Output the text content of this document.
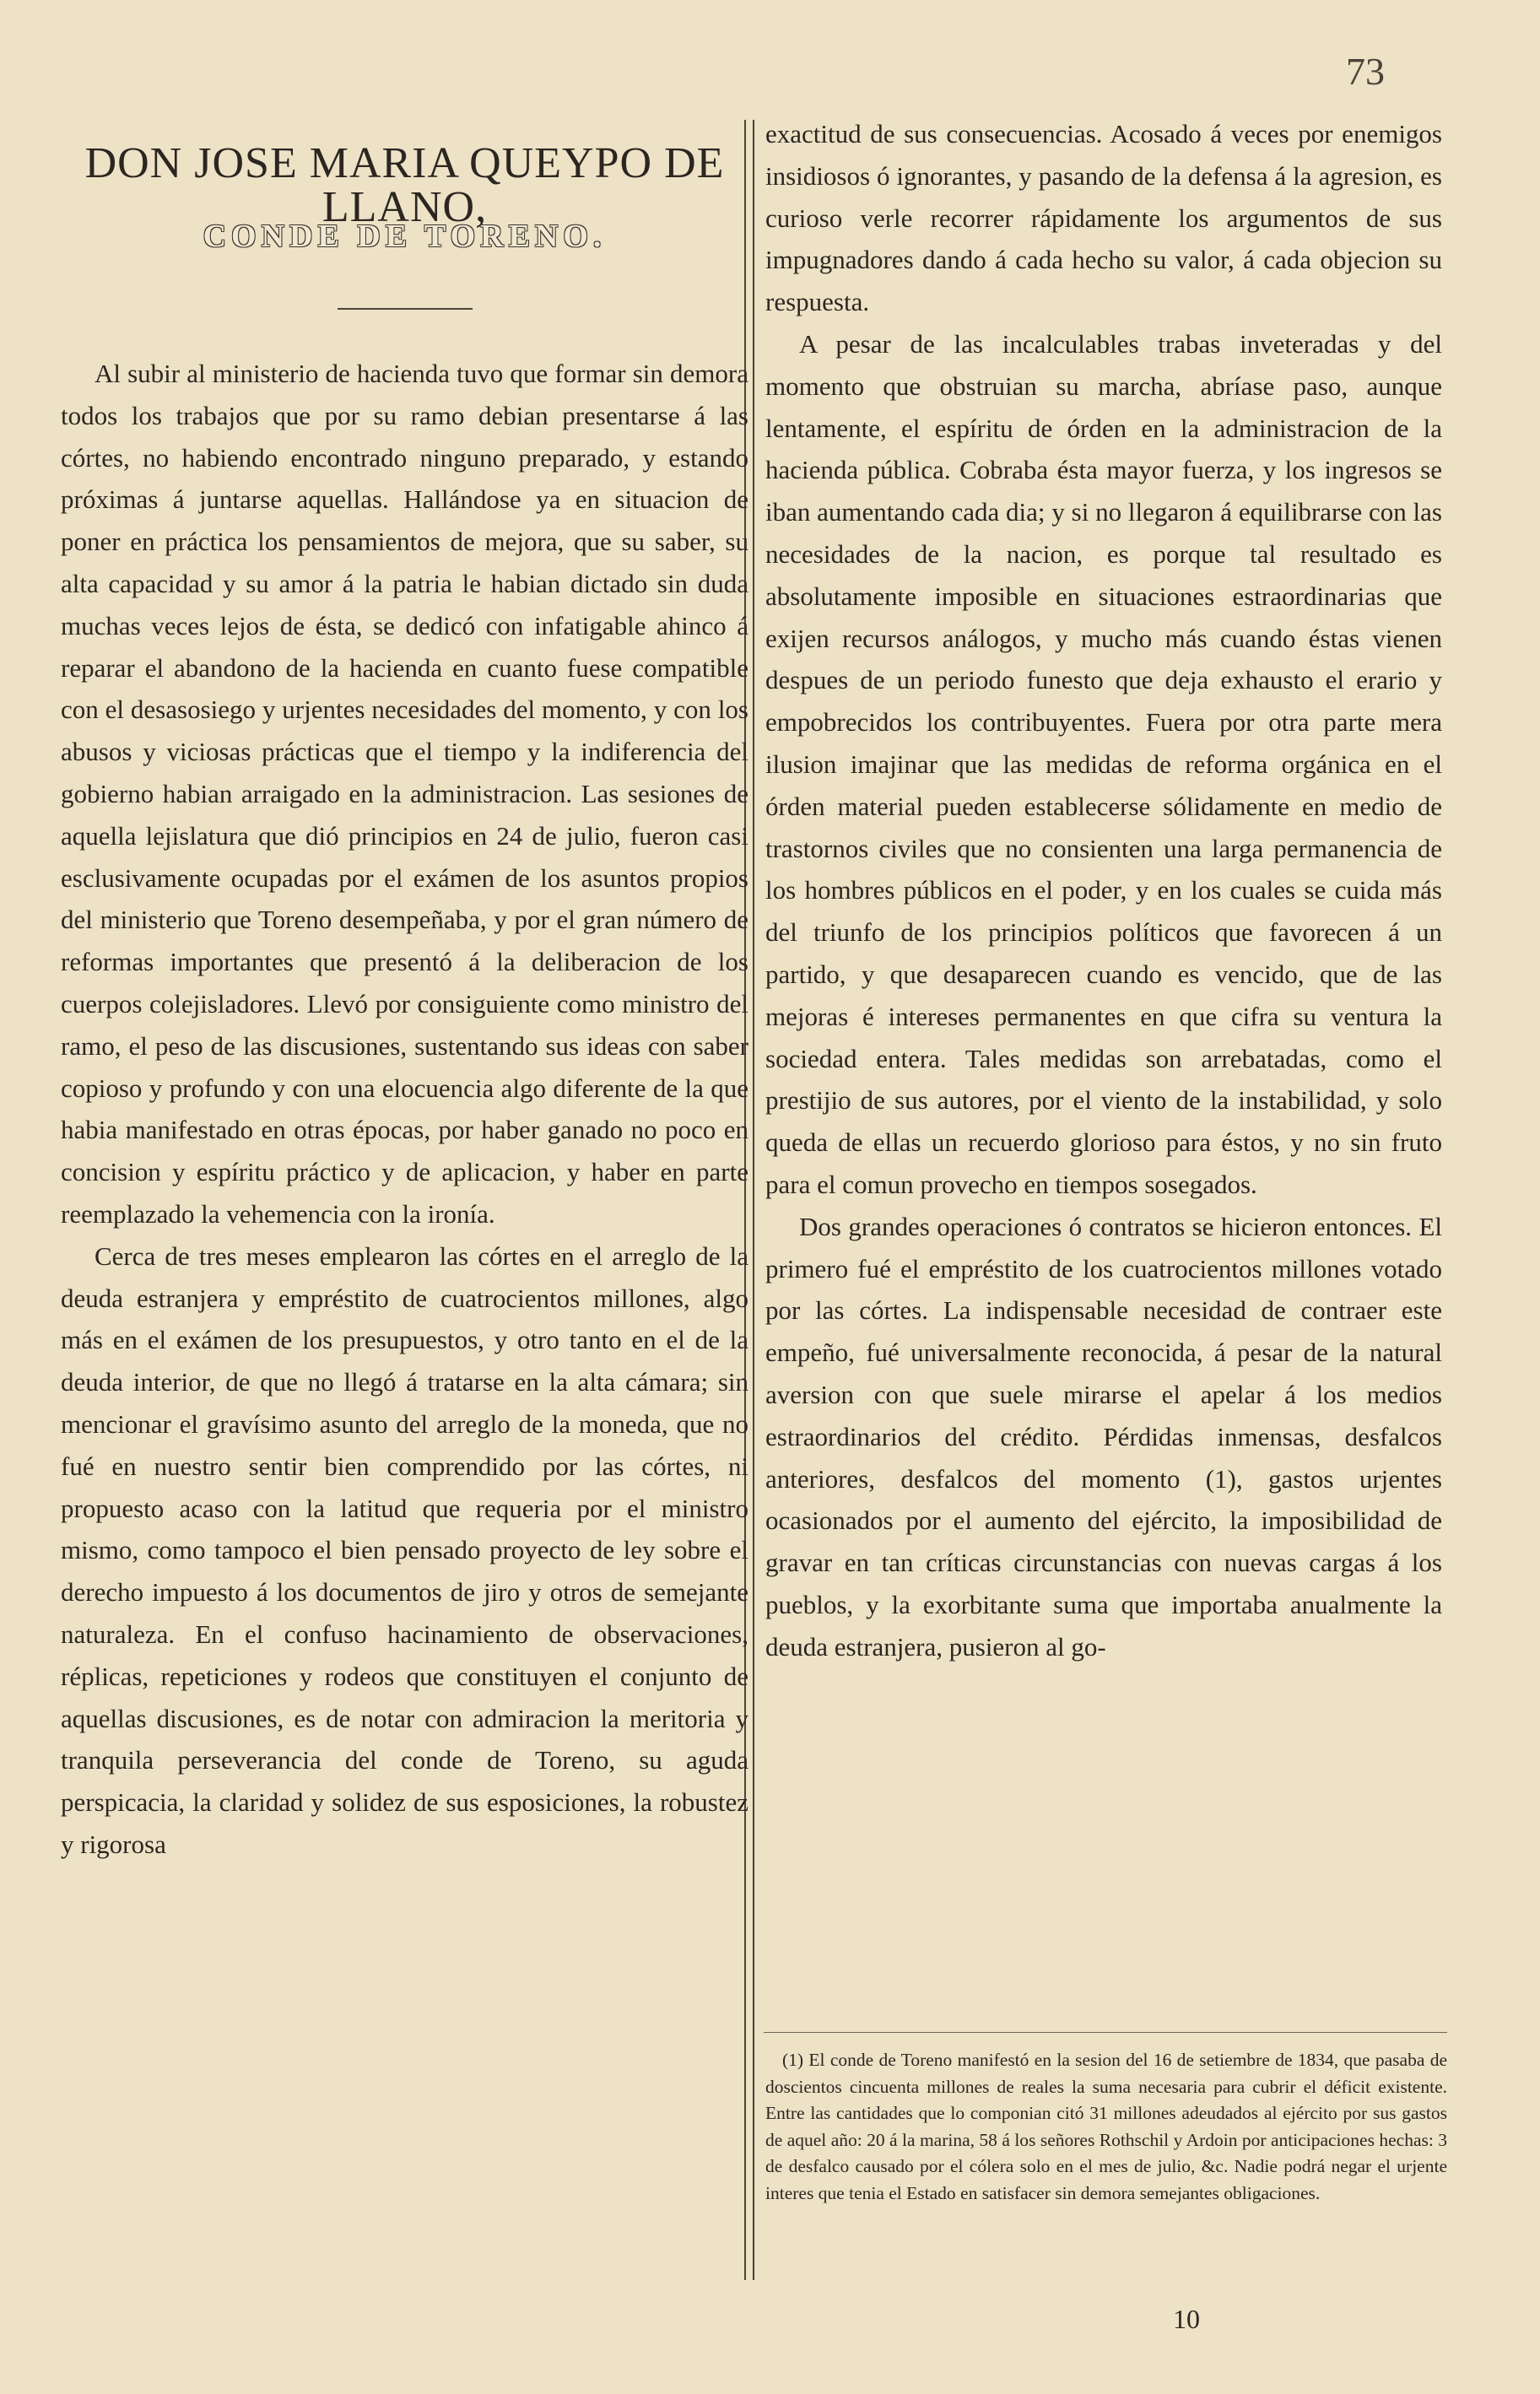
73
DON JOSE MARIA QUEYPO DE LLANO,
CONDE DE TORENO.

Al subir al ministerio de hacienda tuvo que formar sin demora todos los trabajos que por su ramo debian presentarse á las córtes, no habiendo encontrado ninguno preparado, y estando próximas á juntarse aquellas. Hallándose ya en situacion de poner en práctica los pensamientos de mejora, que su saber, su alta capacidad y su amor á la patria le habian dictado sin duda muchas veces lejos de ésta, se dedicó con infatigable ahinco á reparar el abandono de la hacienda en cuanto fuese compatible con el desasosiego y urjentes necesidades del momento, y con los abusos y viciosas prácticas que el tiempo y la indiferencia del gobierno habian arraigado en la administracion. Las sesiones de aquella lejislatura que dió principios en 24 de julio, fueron casi esclusivamente ocupadas por el exámen de los asuntos propios del ministerio que Toreno desempeñaba, y por el gran número de reformas importantes que presentó á la deliberacion de los cuerpos colejisladores. Llevó por consiguiente como ministro del ramo, el peso de las discusiones, sustentando sus ideas con saber copioso y profundo y con una elocuencia algo diferente de la que habia manifestado en otras épocas, por haber ganado no poco en concision y espíritu práctico y de aplicacion, y haber en parte reemplazado la vehemencia con la ironía.

Cerca de tres meses emplearon las córtes en el arreglo de la deuda estranjera y empréstito de cuatrocientos millones, algo más en el exámen de los presupuestos, y otro tanto en el de la deuda interior, de que no llegó á tratarse en la alta cámara; sin mencionar el gravísimo asunto del arreglo de la moneda, que no fué en nuestro sentir bien comprendido por las córtes, ni propuesto acaso con la latitud que requeria por el ministro mismo, como tampoco el bien pensado proyecto de ley sobre el derecho impuesto á los documentos de jiro y otros de semejante naturaleza. En el confuso hacinamiento de observaciones, réplicas, repeticiones y rodeos que constituyen el conjunto de aquellas discusiones, es de notar con admiracion la meritoria y tranquila perseverancia del conde de Toreno, su aguda perspicacia, la claridad y solidez de sus esposiciones, la robustez y rigorosa

exactitud de sus consecuencias. Acosado á veces por enemigos insidiosos ó ignorantes, y pasando de la defensa á la agresion, es curioso verle recorrer rápidamente los argumentos de sus impugnadores dando á cada hecho su valor, á cada objecion su respuesta.

A pesar de las incalculables trabas inveteradas y del momento que obstruian su marcha, abríase paso, aunque lentamente, el espíritu de órden en la administracion de la hacienda pública. Cobraba ésta mayor fuerza, y los ingresos se iban aumentando cada dia; y si no llegaron á equilibrarse con las necesidades de la nacion, es porque tal resultado es absolutamente imposible en situaciones estraordinarias que exijen recursos análogos, y mucho más cuando éstas vienen despues de un periodo funesto que deja exhausto el erario y empobrecidos los contribuyentes. Fuera por otra parte mera ilusion imajinar que las medidas de reforma orgánica en el órden material pueden establecerse sólidamente en medio de trastornos civiles que no consienten una larga permanencia de los hombres públicos en el poder, y en los cuales se cuida más del triunfo de los principios políticos que favorecen á un partido, y que desaparecen cuando es vencido, que de las mejoras é intereses permanentes en que cifra su ventura la sociedad entera. Tales medidas son arrebatadas, como el prestijio de sus autores, por el viento de la instabilidad, y solo queda de ellas un recuerdo glorioso para éstos, y no sin fruto para el comun provecho en tiempos sosegados.

Dos grandes operaciones ó contratos se hicieron entonces. El primero fué el empréstito de los cuatrocientos millones votado por las córtes. La indispensable necesidad de contraer este empeño, fué universalmente reconocida, á pesar de la natural aversion con que suele mirarse el apelar á los medios estraordinarios del crédito. Pérdidas inmensas, desfalcos anteriores, desfalcos del momento (1), gastos urjentes ocasionados por el aumento del ejército, la imposibilidad de gravar en tan críticas circunstancias con nuevas cargas á los pueblos, y la exorbitante suma que importaba anualmente la deuda estranjera, pusieron al go-

(1) El conde de Toreno manifestó en la sesion del 16 de setiembre de 1834, que pasaba de doscientos cincuenta millones de reales la suma necesaria para cubrir el déficit existente. Entre las cantidades que lo componian citó 31 millones adeudados al ejército por sus gastos de aquel año: 20 á la marina, 58 á los señores Rothschil y Ardoin por anticipaciones hechas: 3 de desfalco causado por el cólera solo en el mes de julio, &c. Nadie podrá negar el urjente interes que tenia el Estado en satisfacer sin demora semejantes obligaciones.
10
